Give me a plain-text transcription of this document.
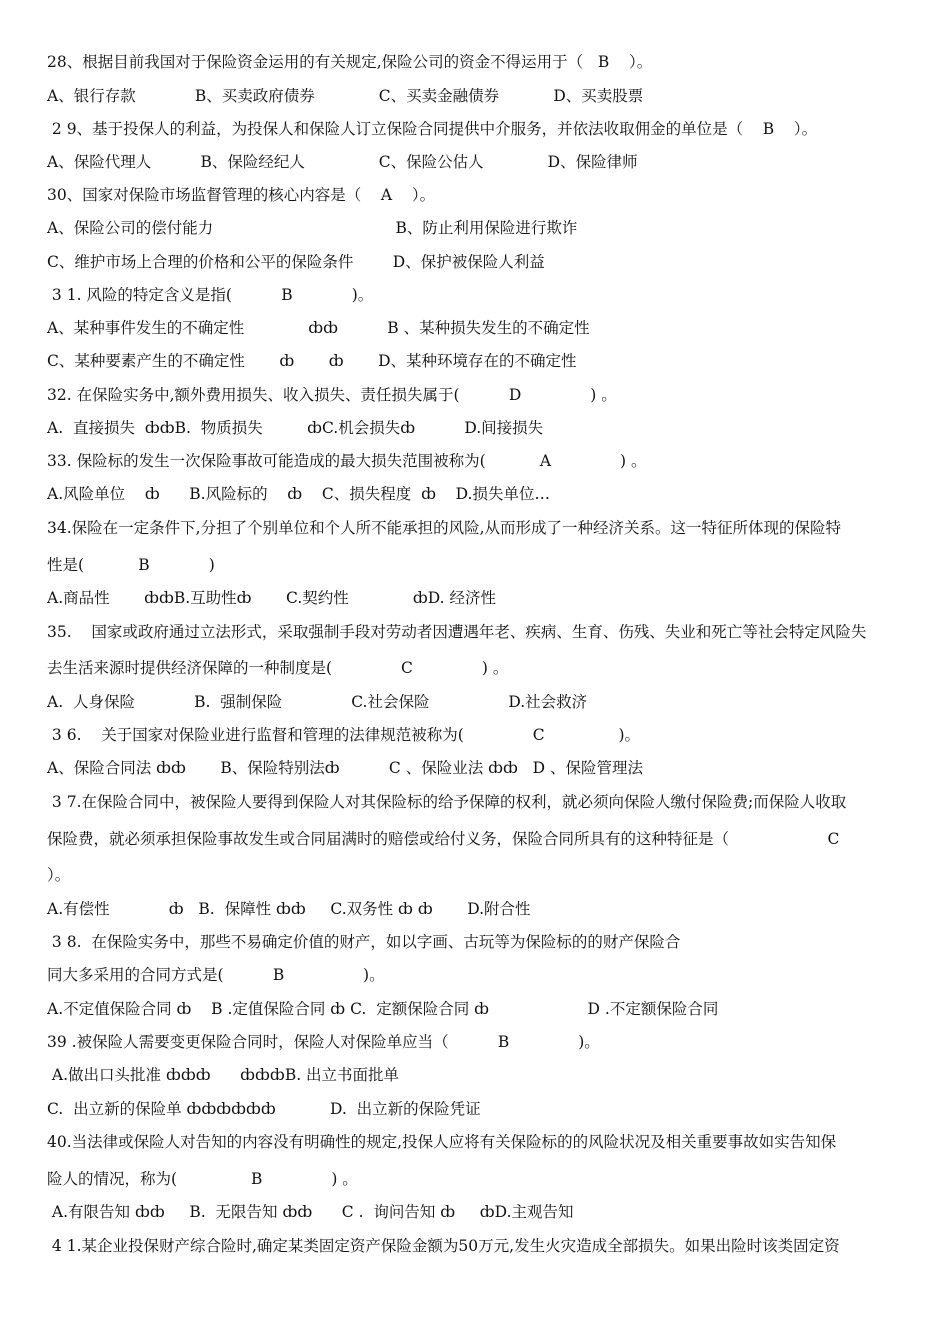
28、根据目前我国对于保险资金运用的有关规定,保险公司的资金不得运用于（   B    ）。
A、银行存款            B、买卖政府债券             C、买卖金融债券           D、买卖股票
2 9、基于投保人的利益，为投保人和保险人订立保险合同提供中介服务，并依法收取佣金的单位是（    B    ）。
A、保险代理人          B、保险经纪人               C、保险公估人             D、保险律师
30、国家对保险市场监督管理的核心内容是（    A    ）。
A、保险公司的偿付能力                                     B、防止利用保险进行欺诈
C、维护市场上合理的价格和公平的保险条件        D、保护被保险人利益
3 1. 风险的特定含义是指(          B            )。
A、某种事件发生的不确定性             ȸȸ          B 、某种损失发生的不确定性
C、某种要素产生的不确定性       ȸ       ȸ       D、某种环境存在的不确定性
32. 在保险实务中,额外费用损失、收入损失、责任损失属于(          D              ) 。
A.  直接损失  ȸȸB.  物质损失         ȸC.机会损失ȸ          D.间接损失
33. 保险标的发生一次保险事故可能造成的最大损失范围被称为(           A              ) 。
A.风险单位    ȸ      B.风险标的    ȸ    C、损失程度  ȸ    D.损失单位…
34.保险在一定条件下,分担了个别单位和个人所不能承担的风险,从而形成了一种经济关系。这一特征所体现的保险特
性是(           B            )
A.商品性       ȸȸB.互助性ȸ       C.契约性             ȸD. 经济性
35.    国家或政府通过立法形式，采取强制手段对劳动者因遭遇年老、疾病、生育、伤残、失业和死亡等社会特定风险失
去生活来源时提供经济保障的一种制度是(              C              ) 。
A.  人身保险            B.  强制保险              C.社会保险                D.社会救济
3 6.    关于国家对保险业进行监督和管理的法律规范被称为(              C               )。
A、保险合同法 ȸȸ       B、保险特别法ȸ          C 、保险业法 ȸȸ   D 、保险管理法
3 7.在保险合同中，被保险人要得到保险人对其保险标的给予保障的权利，就必须向保险人缴付保险费;而保险人收取
保险费，就必须承担保险事故发生或合同届满时的赔偿或给付义务，保险合同所具有的这种特征是（                    C
）。
A.有偿性            ȸ   B.  保障性 ȸȸ     C.双务性 ȸ ȸ       D.附合性
3 8.  在保险实务中，那些不易确定价值的财产，如以字画、古玩等为保险标的的财产保险合
同大多采用的合同方式是(          B                )。
A.不定值保险合同 ȸ    B .定值保险合同 ȸ C.  定额保险合同 ȸ                    D .不定额保险合同
39 .被保险人需要变更保险合同时，保险人对保险单应当（          B              )。
A.做出口头批准 ȸȸȸ      ȸȸȸB. 出立书面批单
C.  出立新的保险单 ȸȸȸȸȸȸ           D.  出立新的保险凭证
40.当法律或保险人对告知的内容没有明确性的规定,投保人应将有关保险标的的风险状况及相关重要事故如实告知保
险人的情况，称为(               B              ) 。
A.有限告知 ȸȸ     B.  无限告知 ȸȸ      C .  询问告知 ȸ     ȸD.主观告知
4 1.某企业投保财产综合险时,确定某类固定资产保险金额为50万元,发生火灾造成全部损失。如果出险时该类固定资
